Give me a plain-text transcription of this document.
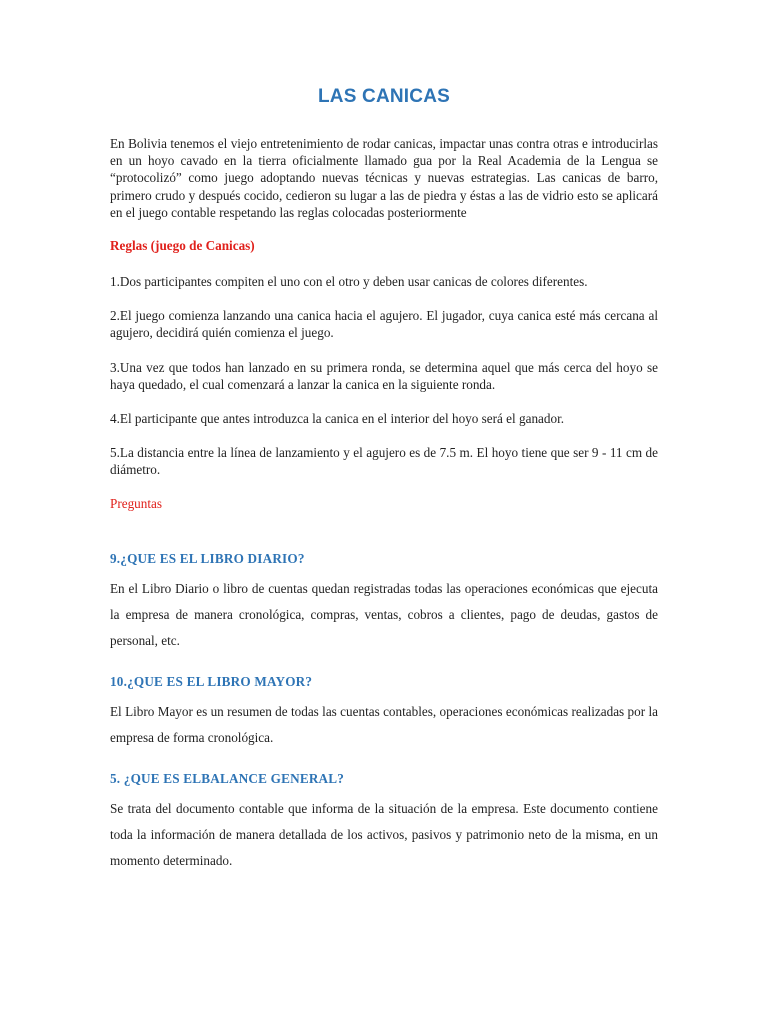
LAS CANICAS

En Bolivia tenemos el viejo entretenimiento de rodar canicas, impactar unas contra otras e introducirlas en un hoyo cavado en la tierra oficialmente llamado gua por la Real Academia de la Lengua se “protocolizó” como juego adoptando nuevas técnicas y nuevas estrategias. Las canicas de barro, primero crudo y después cocido, cedieron su lugar a las de piedra y éstas a las de vidrio esto se aplicará en el juego contable respetando las reglas colocadas posteriormente

Reglas (juego de Canicas)

1.Dos participantes compiten el uno con el otro y deben usar canicas de colores diferentes.

2.El juego comienza lanzando una canica hacia el agujero. El jugador, cuya canica esté más cercana al agujero, decidirá quién comienza el juego.

3.Una vez que todos han lanzado en su primera ronda, se determina aquel que más cerca del hoyo se haya quedado, el cual comenzará a lanzar la canica en la siguiente ronda.

4.El participante que antes introduzca la canica en el interior del hoyo será el ganador.

5.La distancia entre la línea de lanzamiento y el agujero es de 7.5 m. El hoyo tiene que ser 9 - 11 cm de diámetro.

Preguntas

9.¿QUE ES EL LIBRO DIARIO?

En el Libro Diario o libro de cuentas quedan registradas todas las operaciones económicas que ejecuta la empresa de manera cronológica, compras, ventas, cobros a clientes, pago de deudas, gastos de personal, etc.

10.¿QUE ES EL LIBRO MAYOR?

El Libro Mayor es un resumen de todas las cuentas contables, operaciones económicas realizadas por la empresa de forma cronológica.

5. ¿QUE ES ELBALANCE GENERAL?

Se trata del documento contable que informa de la situación de la empresa. Este documento contiene toda la información de manera detallada de los activos, pasivos y patrimonio neto de la misma, en un momento determinado.
